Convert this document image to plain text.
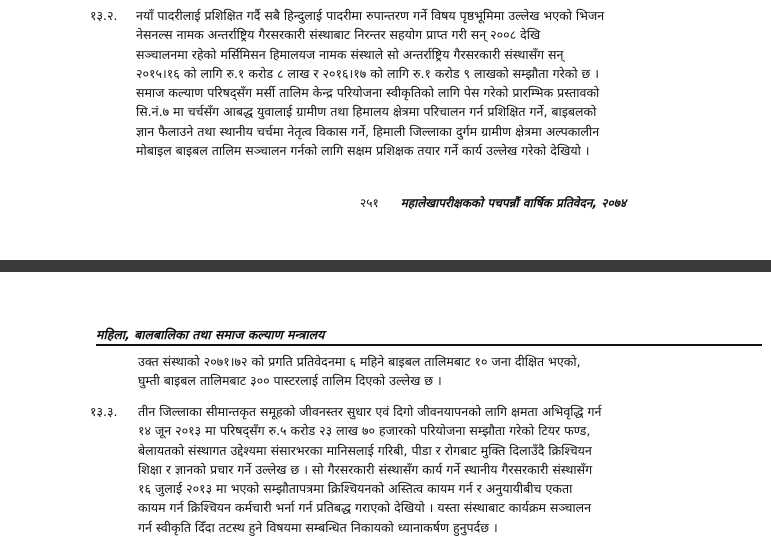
१३.२. नयाँ पादरीलाई प्रशिक्षित गर्दै सबै हिन्दुलाई पादरीमा रुपान्तरण गर्ने विषय पृष्ठभूमिमा उल्लेख भएको भिजन
नेसनल्स नामक अन्तर्राष्ट्रिय गैरसरकारी संस्थाबाट निरन्तर सहयोग प्राप्त गरी सन् २००८ देखि
सञ्चालनमा रहेको मर्सिमिसन हिमालयज नामक संस्थाले सो अन्तर्राष्ट्रिय गैरसरकारी संस्थासँग सन्
२०१५।१६ को लागि रु.१ करोड ८ लाख र २०१६।१७ को लागि रु.१ करोड ९ लाखको सम्झौता गरेको छ ।
समाज कल्याण परिषद्सँग मर्सी तालिम केन्द्र परियोजना स्वीकृतिको लागि पेस गरेको प्रारम्भिक प्रस्तावको
सि.नं.७ मा चर्चसँग आबद्ध युवालाई ग्रामीण तथा हिमालय क्षेत्रमा परिचालन गर्न प्रशिक्षित गर्ने, बाइबलको
ज्ञान फैलाउने तथा स्थानीय चर्चमा नेतृत्व विकास गर्ने, हिमाली जिल्लाका दुर्गम ग्रामीण क्षेत्रमा अल्पकालीन
मोबाइल बाइबल तालिम सञ्चालन गर्नको लागि सक्षम प्रशिक्षक तयार गर्ने कार्य उल्लेख गरेको देखियो ।
२५१ महालेखापरीक्षकको पचपन्नौं वार्षिक प्रतिवेदन, २०७४
महिला, बालबालिका तथा समाज कल्याण मन्त्रालय
उक्त संस्थाको २०७१।७२ को प्रगति प्रतिवेदनमा ६ महिने बाइबल तालिमबाट १० जना दीक्षित भएको,
घुम्ती बाइबल तालिमबाट ३०० पास्टरलाई तालिम दिएको उल्लेख छ ।
१३.३. तीन जिल्लाका सीमान्तकृत समूहको जीवनस्तर सुधार एवं दिगो जीवनयापनको लागि क्षमता अभिवृद्धि गर्न
१४ जून २०१३ मा परिषद्सँग रु.५ करोड २३ लाख ७० हजारको परियोजना सम्झौता गरेको टियर फण्ड,
बेलायतको संस्थागत उद्देश्यमा संसारभरका मानिसलाई गरिबी, पीडा र रोगबाट मुक्ति दिलाउँदै क्रिश्चियन
शिक्षा र ज्ञानको प्रचार गर्ने उल्लेख छ । सो गैरसरकारी संस्थासँग कार्य गर्ने स्थानीय गैरसरकारी संस्थासँग
१६ जुलाई २०१३ मा भएको सम्झौतापत्रमा क्रिश्चियनको अस्तित्व कायम गर्न र अनुयायीबीच एकता
कायम गर्न क्रिश्चियन कर्मचारी भर्ना गर्न प्रतिबद्ध गराएको देखियो । यस्ता संस्थाबाट कार्यक्रम सञ्चालन
गर्न स्वीकृति दिँदा तटस्थ हुने विषयमा सम्बन्धित निकायको ध्यानाकर्षण हुनुपर्दछ ।
